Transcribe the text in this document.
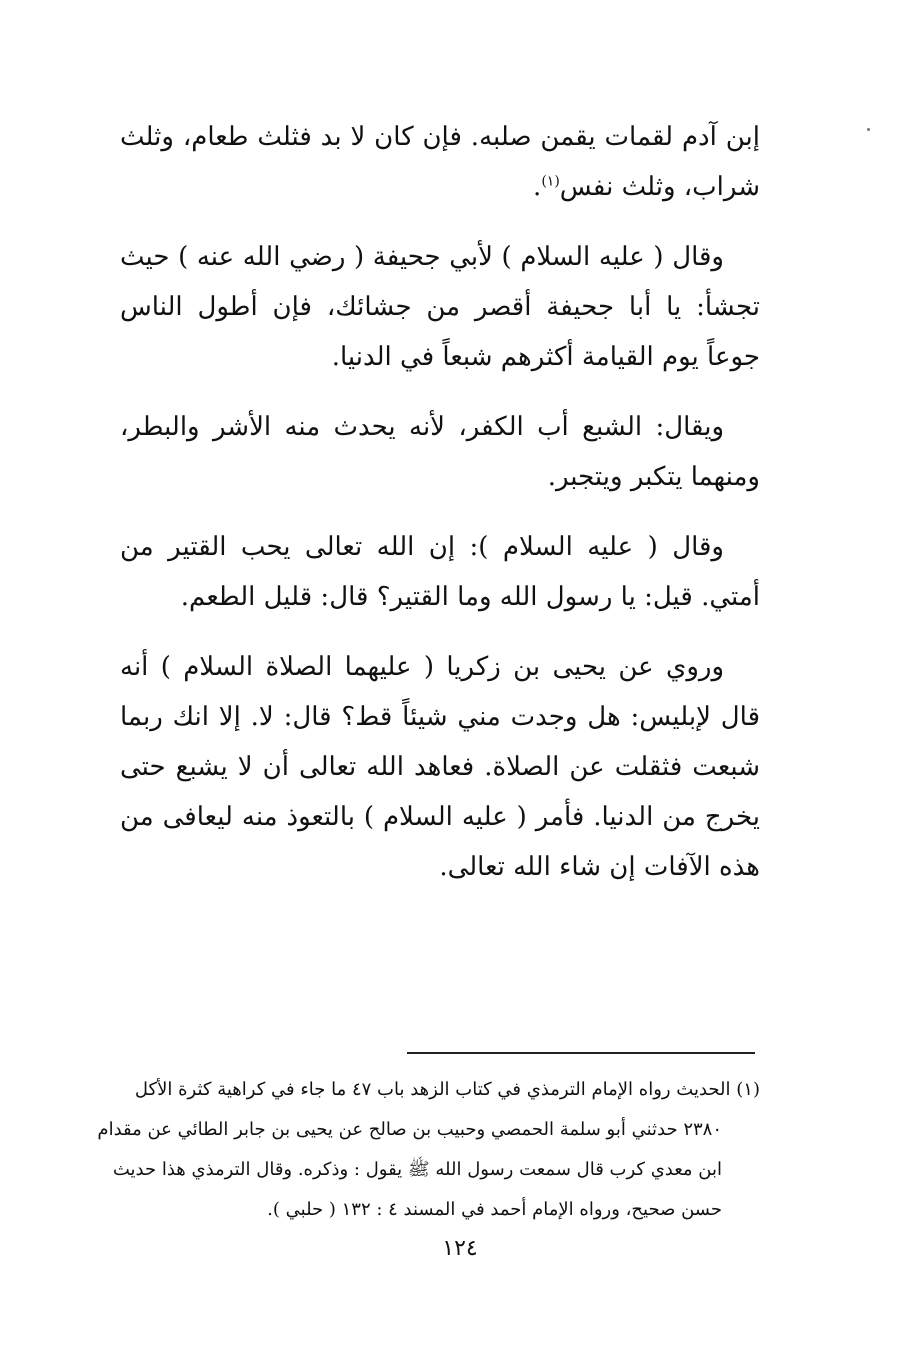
إبن آدم لقمات يقمن صلبه. فإن كان لا بد فثلث طعام، وثلث شراب، وثلث نفس$^{(١)}$.

وقال ( عليه السلام ) لأبي جحيفة ( رضي الله عنه ) حيث تجشأ: يا أبا جحيفة أقصر من جشائك، فإن أطول الناس جوعاً يوم القيامة أكثرهم شبعاً في الدنيا.

ويقال: الشبع أب الكفر، لأنه يحدث منه الأشر والبطر، ومنهما يتكبر ويتجبر.

وقال ( عليه السلام ): إن الله تعالى يحب القتير من أمتي. قيل: يا رسول الله وما القتير؟ قال: قليل الطعم.

وروي عن يحيى بن زكريا ( عليهما الصلاة السلام ) أنه قال لإبليس: هل وجدت مني شيئاً قط؟ قال: لا. إلا انك ربما شبعت فثقلت عن الصلاة. فعاهد الله تعالى أن لا يشبع حتى يخرج من الدنيا. فأمر ( عليه السلام ) بالتعوذ منه ليعافى من هذه الآفات إن شاء الله تعالى.

(١) الحديث رواه الإمام الترمذي في كتاب الزهد باب ٤٧ ما جاء في كراهية كثرة الأكل
٢٣٨٠ حدثني أبو سلمة الحمصي وحبيب بن صالح عن يحيى بن جابر الطائي عن مقدام
ابن معدي كرب قال سمعت رسول الله ﷺ يقول : وذكره. وقال الترمذي هذا حديث
حسن صحيح، ورواه الإمام أحمد في المسند ٤ : ١٣٢ ( حلبي ).
١٢٤
